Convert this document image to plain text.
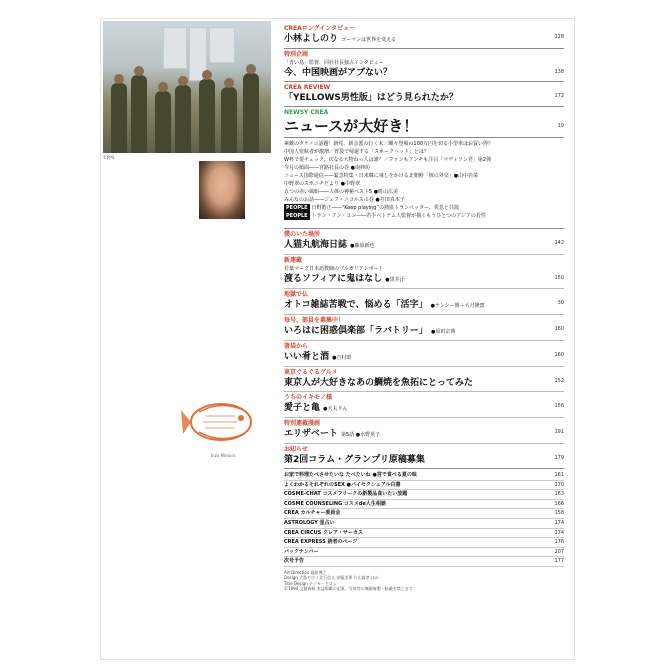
©PPS
Eizo Mimura
CREAロングインタビュー
小林よしのり ゴーマンは世界を変える	128
特別企画
「青い鳥」監督、同社社長独占インタビュー
今、中国映画がアブない？	138
CREA REVIEW
「YELLOWS男性版」はどう見られたか？	172
NEWSY CREA
ニュースが大好き！	19
素敵のタケノコ話題！新党、新会派の行く末／縄々登場の100万円を切る小型車はお買い得？
中国人密航者が激増／胃袋で帰還する「スネークヘッド」とは？
W杯で要チェック、次なる大物ねっ人は誰？／ファンもアンチも注目「マディソン君」第2弾
今月の顔面――宮路社長の巻 ●南伸坊
ニュース国際通信――緊急特集・日米韓に飛しをかける北朝鮮「核の外交」●山中若菜
中野翠のスポニチだより ●中野翠
五つの赤い風船――人体の神秘ベスト5 ●町山広美
みんなのお話――ジェフ・ニコルスの巻 ●井田真木子
PEOPLE 日野皓正――“Keep playing”の熱血トランペッター、愛息と共演
PEOPLE トラン・アン・ユン――若手ベトナム人監督が描くもうひとつのアジアの若性
僕のいた場所
人猫丸航海日誌 ●藤原新也	142
新連載
若葉マーク日本語教師のブルガリアレポート
渡るソフィアに鬼はなし ●黒井汗	150
地獄で仏
オトコ雑誌苦戦で、悩める「活字」 ●ナンシー関＋大月隆寛	30
毎号、部員を募集中！
いろはに困惑倶楽部「ラバトリー」 ●原田宗典	160
箸袋から
いい肴と酒 ●吉村昭	160
東京ぐるぐるグルメ
東京人が大好きなあの鯛焼を魚拓にとってみた	152
うちのイキモノ様
愛子と亀 ●犬丸りん	156
特別連載漫画
エリザベート 第5話 ●水野英子	191
お知らせ
第2回コラム・グランプリ原稿募集	179
お家で料理たべさせたいな たべたいね ●宮で食べる夏の味	161
よくわかるそれぞれのSEX ●バイセクシュアル白書	170
COSME-CHAT コスメフリークの新製品食いたい放題	163
COSME COUNSELING コスメde人生相談	166
CREA カルチャー委員会	158
ASTROLOGY 星占い	174
CREA CIRCUS クレア・サーカス	174
CREA EXPRESS 読者のページ	176
バックナンバー	207
次号予告	177
Art Direction 藤原博之
Design 大島やけ＋北石信太 安藤美香 片山義孝 ほか
Title Design ナジモ・ヒロシ
©1994 文藝春秋 本誌掲載の記事、写真等の無断複製・転載を禁じます
